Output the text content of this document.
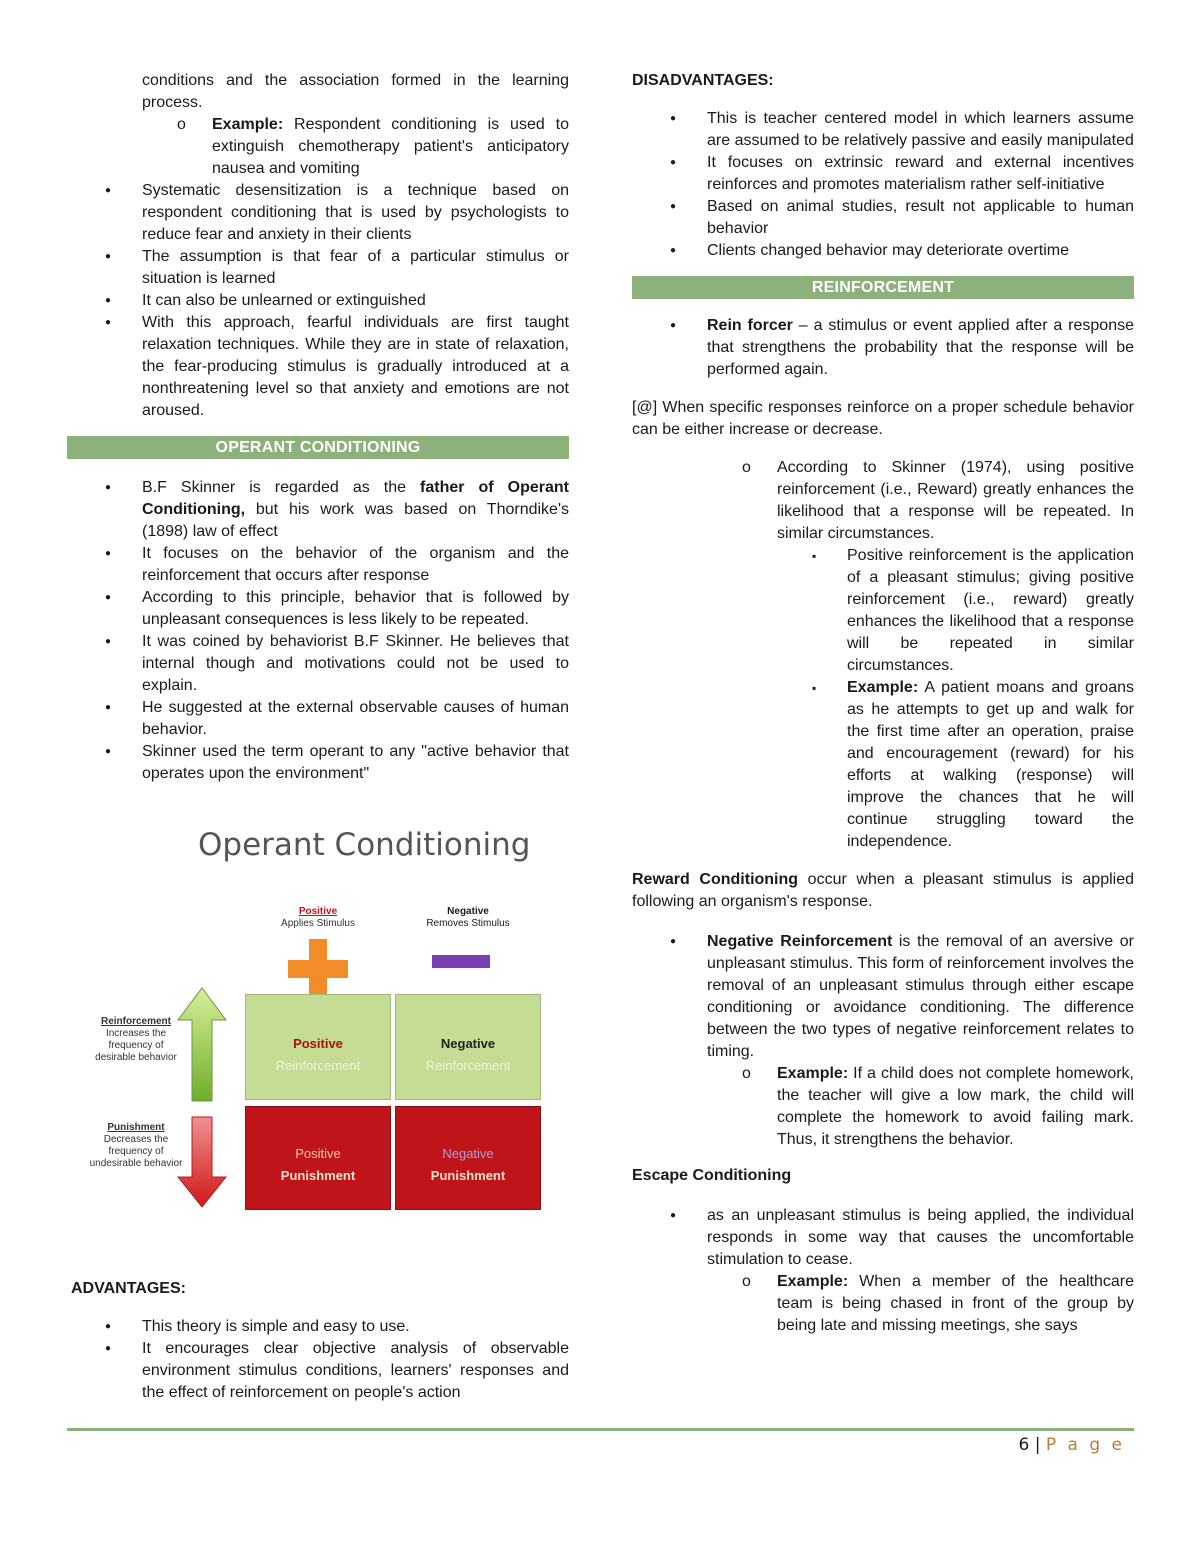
conditions and the association formed in the learning process.

o Example: Respondent conditioning is used to extinguish chemotherapy patient's anticipatory nausea and vomiting
● Systematic desensitization is a technique based on respondent conditioning that is used by psychologists to reduce fear and anxiety in their clients
● The assumption is that fear of a particular stimulus or situation is learned
● It can also be unlearned or extinguished
● With this approach, fearful individuals are first taught relaxation techniques. While they are in state of relaxation, the fear-producing stimulus is gradually introduced at a nonthreatening level so that anxiety and emotions are not aroused.
OPERANT CONDITIONING
● B.F Skinner is regarded as the father of Operant Conditioning, but his work was based on Thorndike's (1898) law of effect
● It focuses on the behavior of the organism and the reinforcement that occurs after response
● According to this principle, behavior that is followed by unpleasant consequences is less likely to be repeated.
● It was coined by behaviorist B.F Skinner. He believes that internal though and motivations could not be used to explain.
● He suggested at the external observable causes of human behavior.
● Skinner used the term operant to any "active behavior that operates upon the environment"
Operant Conditioning
Positive
Applies Stimulus
Negative
Removes Stimulus
Reinforcement
Increases the frequency of desirable behavior
Punishment
Decreases the frequency of undesirable behavior
Positive
Reinforcement
Negative
Reinforcement
Positive
Punishment
Negative
Punishment

ADVANTAGES:

● This theory is simple and easy to use.
● It encourages clear objective analysis of observable environment stimulus conditions, learners' responses and the effect of reinforcement on people's action

DISADVANTAGES:

● This is teacher centered model in which learners assume are assumed to be relatively passive and easily manipulated
● It focuses on extrinsic reward and external incentives reinforces and promotes materialism rather self-initiative
● Based on animal studies, result not applicable to human behavior
● Clients changed behavior may deteriorate overtime
REINFORCEMENT
● Rein forcer – a stimulus or event applied after a response that strengthens the probability that the response will be performed again.

[@] When specific responses reinforce on a proper schedule behavior can be either increase or decrease.

o According to Skinner (1974), using positive reinforcement (i.e., Reward) greatly enhances the likelihood that a response will be repeated. In similar circumstances.
▪ Positive reinforcement is the application of a pleasant stimulus; giving positive reinforcement (i.e., reward) greatly enhances the likelihood that a response will be repeated in similar circumstances.
▪ Example: A patient moans and groans as he attempts to get up and walk for the first time after an operation, praise and encouragement (reward) for his efforts at walking (response) will improve the chances that he will continue struggling toward the independence.

Reward Conditioning occur when a pleasant stimulus is applied following an organism's response.

● Negative Reinforcement is the removal of an aversive or unpleasant stimulus. This form of reinforcement involves the removal of an unpleasant stimulus through either escape conditioning or avoidance conditioning. The difference between the two types of negative reinforcement relates to timing.
o Example: If a child does not complete homework, the teacher will give a low mark, the child will complete the homework to avoid failing mark. Thus, it strengthens the behavior.

Escape Conditioning

● as an unpleasant stimulus is being applied, the individual responds in some way that causes the uncomfortable stimulation to cease.
o Example: When a member of the healthcare team is being chased in front of the group by being late and missing meetings, she says
6 | P a g e
